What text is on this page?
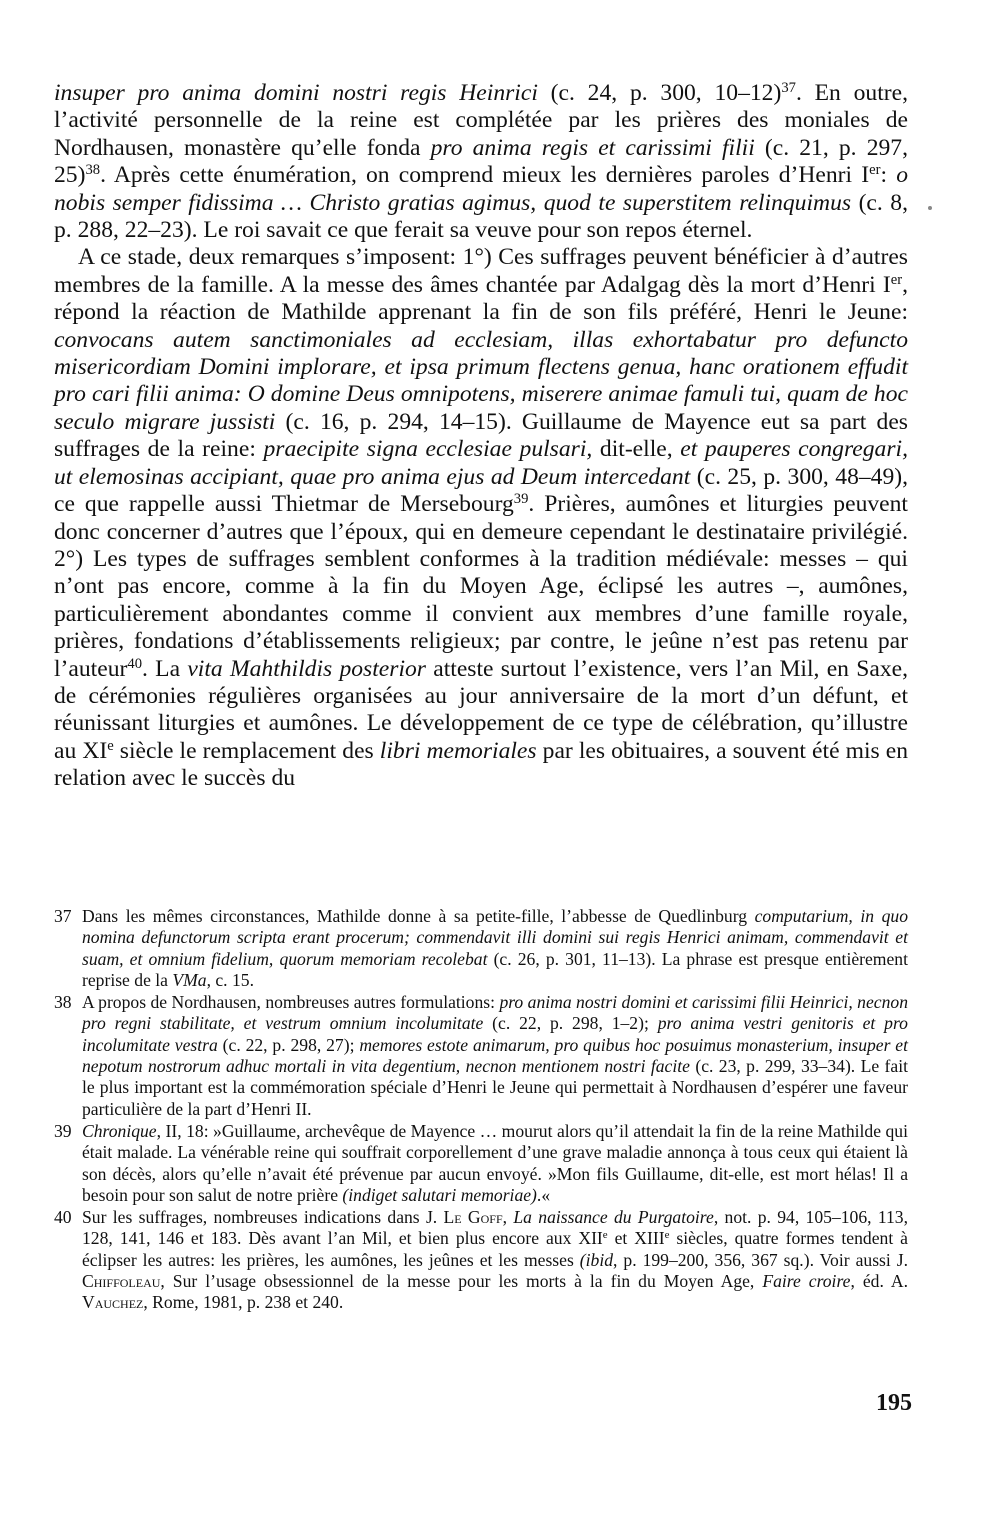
insuper pro anima domini nostri regis Heinrici (c. 24, p. 300, 10–12)$^{37}$. En outre, l’activité personnelle de la reine est complétée par les prières des moniales de Nordhausen, monastère qu’elle fonda pro anima regis et carissimi filii (c. 21, p. 297, 25)$^{38}$. Après cette énumération, on comprend mieux les dernières paroles d’Henri Ier: o nobis semper fidissima … Christo gratias agimus, quod te superstitem relinquimus (c. 8, p. 288, 22–23). Le roi savait ce que ferait sa veuve pour son repos éternel.

A ce stade, deux remarques s’imposent: 1°) Ces suffrages peuvent bénéficier à d’autres membres de la famille. A la messe des âmes chantée par Adalgag dès la mort d’Henri Ier, répond la réaction de Mathilde apprenant la fin de son fils préféré, Henri le Jeune: convocans autem sanctimoniales ad ecclesiam, illas exhortabatur pro defuncto misericordiam Domini implorare, et ipsa primum flectens genua, hanc orationem effudit pro cari filii anima: O domine Deus omnipotens, miserere animae famuli tui, quam de hoc seculo migrare jussisti (c. 16, p. 294, 14–15). Guillaume de Mayence eut sa part des suffrages de la reine: praecipite signa ecclesiae pulsari, dit-elle, et pauperes congregari, ut elemosinas accipiant, quae pro anima ejus ad Deum intercedant (c. 25, p. 300, 48–49), ce que rappelle aussi Thietmar de Mersebourg$^{39}$. Prières, aumônes et liturgies peuvent donc concerner d’autres que l’époux, qui en demeure cependant le destinataire privilégié. 2°) Les types de suffrages semblent conformes à la tradition médiévale: messes – qui n’ont pas encore, comme à la fin du Moyen Age, éclipsé les autres –, aumônes, particulièrement abondantes comme il convient aux membres d’une famille royale, prières, fondations d’établissements religieux; par contre, le jeûne n’est pas retenu par l’auteur$^{40}$. La vita Mahthildis posterior atteste surtout l’existence, vers l’an Mil, en Saxe, de cérémonies régulières organisées au jour anniversaire de la mort d’un défunt, et réunissant liturgies et aumônes. Le développement de ce type de célébration, qu’illustre au XIe siècle le remplacement des libri memoriales par les obituaires, a souvent été mis en relation avec le succès du

37 Dans les mêmes circonstances, Mathilde donne à sa petite-fille, l’abbesse de Quedlinburg computarium, in quo nomina defunctorum scripta erant procerum; commendavit illi domini sui regis Henrici animam, commendavit et suam, et omnium fidelium, quorum memoriam recolebat (c. 26, p. 301, 11–13). La phrase est presque entièrement reprise de la VMa, c. 15.
38 A propos de Nordhausen, nombreuses autres formulations: pro anima nostri domini et carissimi filii Heinrici, necnon pro regni stabilitate, et vestrum omnium incolumitate (c. 22, p. 298, 1–2); pro anima vestri genitoris et pro incolumitate vestra (c. 22, p. 298, 27); memores estote animarum, pro quibus hoc posuimus monasterium, insuper et nepotum nostrorum adhuc mortali in vita degentium, necnon mentionem nostri facite (c. 23, p. 299, 33–34). Le fait le plus important est la commémoration spéciale d’Henri le Jeune qui permettait à Nordhausen d’espérer une faveur particulière de la part d’Henri II.
39 Chronique, II, 18: »Guillaume, archevêque de Mayence … mourut alors qu’il attendait la fin de la reine Mathilde qui était malade. La vénérable reine qui souffrait corporellement d’une grave maladie annonça à tous ceux qui étaient là son décès, alors qu’elle n’avait été prévenue par aucun envoyé. »Mon fils Guillaume, dit-elle, est mort hélas! Il a besoin pour son salut de notre prière (indiget salutari memoriae).«
40 Sur les suffrages, nombreuses indications dans J. Le Goff, La naissance du Purgatoire, not. p. 94, 105–106, 113, 128, 141, 146 et 183. Dès avant l’an Mil, et bien plus encore aux XIIe et XIIIe siècles, quatre formes tendent à éclipser les autres: les prières, les aumônes, les jeûnes et les messes (ibid, p. 199–200, 356, 367 sq.). Voir aussi J. Chiffoleau, Sur l’usage obsessionnel de la messe pour les morts à la fin du Moyen Age, Faire croire, éd. A. Vauchez, Rome, 1981, p. 238 et 240.
195
